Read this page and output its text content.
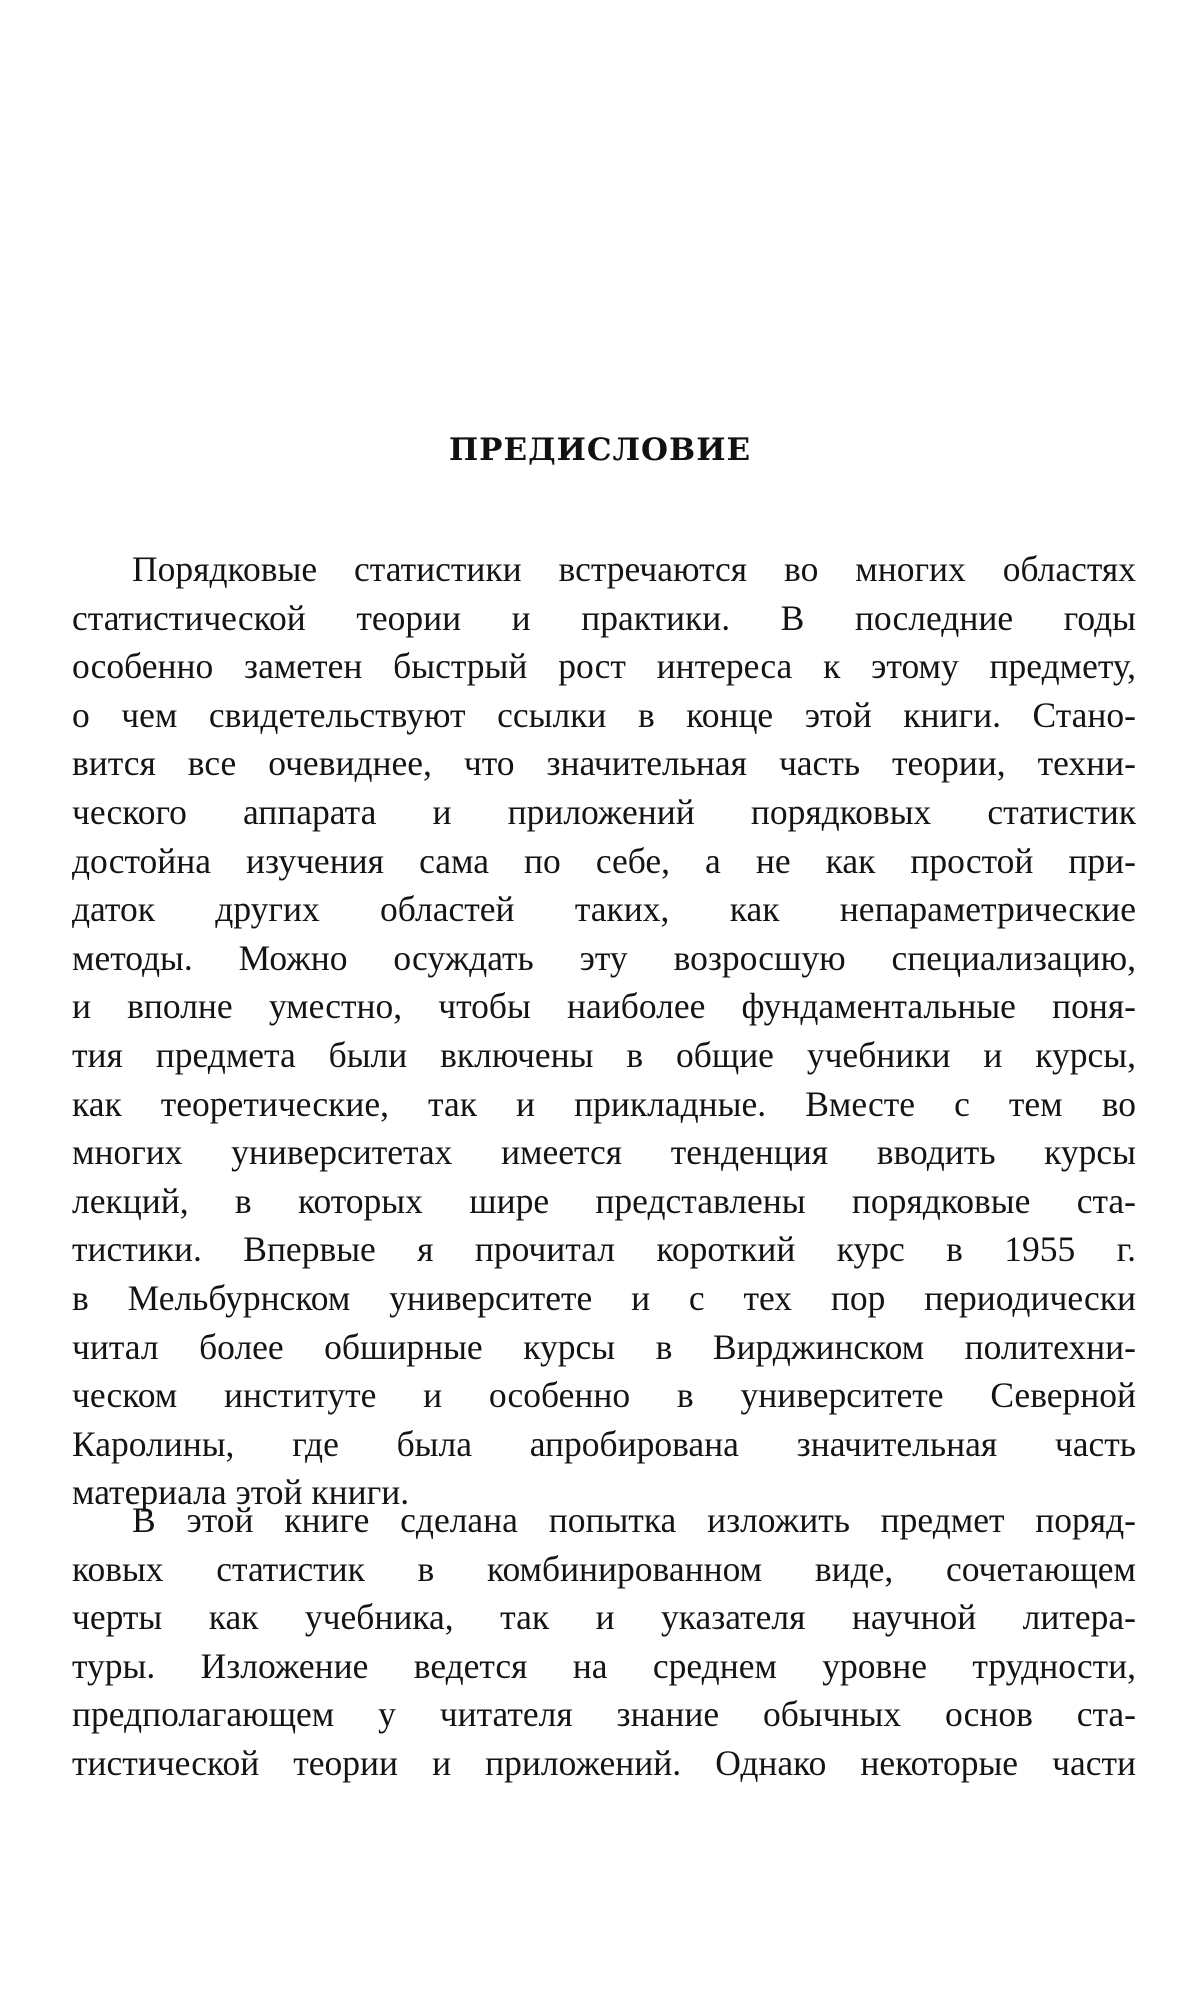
ПРЕДИСЛОВИЕ
Порядковые статистики встречаются во многих областях
статистической теории и практики. В последние годы
особенно заметен быстрый рост интереса к этому предмету,
о чем свидетельствуют ссылки в конце этой книги. Стано-
вится все очевиднее, что значительная часть теории, техни-
ческого аппарата и приложений порядковых статистик
достойна изучения сама по себе, а не как простой при-
даток других областей таких, как непараметрические
методы. Можно осуждать эту возросшую специализацию,
и вполне уместно, чтобы наиболее фундаментальные поня-
тия предмета были включены в общие учебники и курсы,
как теоретические, так и прикладные. Вместе с тем во
многих университетах имеется тенденция вводить курсы
лекций, в которых шире представлены порядковые ста-
тистики. Впервые я прочитал короткий курс в 1955 г.
в Мельбурнском университете и с тех пор периодически
читал более обширные курсы в Вирджинском политехни-
ческом институте и особенно в университете Северной
Каролины, где была апробирована значительная часть
материала этой книги.
В этой книге сделана попытка изложить предмет поряд-
ковых статистик в комбинированном виде, сочетающем
черты как учебника, так и указателя научной литера-
туры. Изложение ведется на среднем уровне трудности,
предполагающем у читателя знание обычных основ ста-
тистической теории и приложений. Однако некоторые части
